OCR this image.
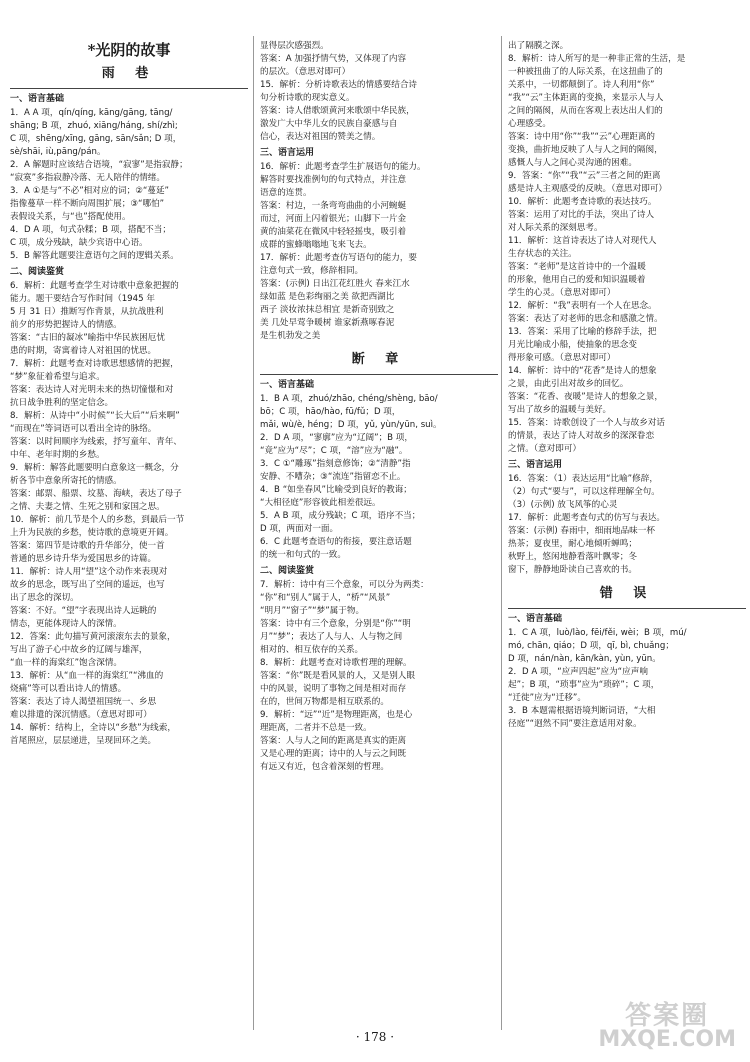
*光阴的故事
雨 巷
一、语言基础
1．A A 项，qín/qíng, kāng/gāng, tāng/
shāng; B 项，zhuó, xiāng/háng, shí/zhì;
C 项，shēng/xīng, gāng, sān/sǎn; D 项，
sè/shāi, iù,pāng/pán。
2．A 解题时应该结合语境，“寂寥”是指寂静；
“寂寞”多指寂静冷落、无人陪伴的情绪。
3．A ①是与“不必”相对应的词；②“蔓延”
指像蔓草一样不断向周围扩展；③“哪怕”
表假设关系，与“也”搭配使用。
4．D A 项，句式杂糅；B 项，搭配不当；
C 项，成分残缺，缺少宾语中心语。
5．B 解答此题要注意语句之间的逻辑关系。
二、阅读鉴赏
6．解析：此题考查学生对诗歌中意象把握的
能力。题干要结合写作时间（1945 年
5 月 31 日）推断写作背景，从抗战胜利
前夕的形势把握诗人的情感。
答案：“古旧的凝冰”喻指中华民族困厄忧
患的时期，寄寓着诗人对祖国的忧思。
7．解析：此题考查对诗歌思想感情的把握，
“梦”象征着希望与追求。
答案：表达诗人对光明未来的热切憧憬和对
抗日战争胜利的坚定信念。
8．解析：从诗中“小时候”“长大后”“后来啊”
“而现在”等词语可以看出全诗的脉络。
答案：以时间顺序为线索，抒写童年、青年、
中年、老年时期的乡愁。
9．解析：解答此题要明白意象这一概念，分
析各节中意象所寄托的情感。
答案：邮票、船票、坟墓、海峡，表达了母子
之情、夫妻之情、生死之别和家国之思。
10．解析：前几节是个人的乡愁，到最后一节
上升为民族的乡愁，使诗歌的意境更开阔。
答案：第四节是诗歌的升华部分，使一首
普通的思乡诗升华为爱国思乡的诗篇。
11．解析：诗人用“望”这个动作来表现对
故乡的思念，既写出了空间的遥远，也写
出了思念的深切。
答案：不好。“望”字表现出诗人远眺的
情态，更能体现诗人的深情。
12．答案：此句描写黄河滚滚东去的景象，
写出了游子心中故乡的辽阔与雄浑，
“血一样的海棠红”饱含深情。
13．解析：从“血一样的海棠红”“沸血的
烧痛”等可以看出诗人的情感。
答案：表达了诗人渴望祖国统一、乡思
难以排遣的深沉情感。（意思对即可）
14．解析：结构上，全诗以“乡愁”为线索，
首尾照应，层层递进，呈现回环之美。
显得层次感强烈。
答案：A 加强抒情气势，又体现了内容
的层次。（意思对即可）
15．解析：分析诗歌表达的情感要结合诗
句分析诗歌的现实意义。
答案：诗人借歌颂黄河来歌颂中华民族，
激发广大中华儿女的民族自豪感与自
信心，表达对祖国的赞美之情。
三、语言运用
16．解析：此题考查学生扩展语句的能力。
解答时要找准例句的句式特点，并注意
语意的连贯。
答案：村边，一条弯弯曲曲的小河蜿蜒
而过，河面上闪着银光；山脚下一片金
黄的油菜花在微风中轻轻摇曳，吸引着
成群的蜜蜂嗡嗡地飞来飞去。
17．解析：此题考查仿写语句的能力，要
注意句式一致，修辞相同。
答案：(示例) 日出江花红胜火 春来江水
绿如蓝 是色彩绚丽之美 欲把西湖比
西子 淡妆浓抹总相宜 是新奇别致之
美 几处早莺争暖树 谁家新燕啄春泥
是生机勃发之美
断 章
一、语言基础
1．B A 项，zhuó/zhāo, chéng/shèng, bāo/
bō；C 项，hāo/hào, fū/fǔ；D 项，
mǎi, wù/è, héng；D 项，yǔ, yùn/yūn, suì。
2．D A 项，“寥廓”应为“辽阔”；B 项，
“竟”应为“尽”；C 项，“溶”应为“融”。
3．C ①“雕琢”指刻意修饰；②“清静”指
安静、不嘈杂；③“流连”指留恋不止。
4．B “如坐春风”比喻受到良好的教诲；
“大相径庭”形容彼此相差很远。
5．A B 项，成分残缺；C 项，语序不当；
D 项，两面对一面。
6．C 此题考查语句的衔接，要注意话题
的统一和句式的一致。
二、阅读鉴赏
7．解析：诗中有三个意象，可以分为两类：
“你”和“别人”属于人，“桥”“风景”
“明月”“窗子”“梦”属于物。
答案：诗中有三个意象，分别是“你”“明
月”“梦”；表达了人与人、人与物之间
相对的、相互依存的关系。
8．解析：此题考查对诗歌哲理的理解。
答案：“你”既是看风景的人，又是别人眼
中的风景，说明了事物之间是相对而存
在的，世间万物都是相互联系的。
9．解析：“远”“近”是物理距离，也是心
理距离，二者并不总是一致。
答案：人与人之间的距离是真实的距离
又是心理的距离；诗中的人与云之间既
有远又有近，包含着深刻的哲理。
出了隔膜之深。
8．解析：诗人所写的是一种非正常的生活，是
一种被扭曲了的人际关系，在这扭曲了的
关系中，一切都颠倒了。诗人利用“你”
“我”“云”主体距离的变换，来显示人与人
之间的隔阂，从而在客观上表达出人们的
心理感受。
答案：诗中用“你”“我”“云”心理距离的
变换，曲折地反映了人与人之间的隔阂，
感慨人与人之间心灵沟通的困难。
9．答案：“你”“我”“云”三者之间的距离
感是诗人主观感受的反映。（意思对即可）
10．解析：此题考查诗歌的表达技巧。
答案：运用了对比的手法，突出了诗人
对人际关系的深刻思考。
11．解析：这首诗表达了诗人对现代人
生存状态的关注。
答案：“老师”是这首诗中的一个温暖
的形象，他用自己的爱和知识温暖着
学生的心灵。（意思对即可）
12．解析：“我”表明有一个人在思念。
答案：表达了对老师的思念和感激之情。
13．答案：采用了比喻的修辞手法，把
月光比喻成小船，使抽象的思念变
得形象可感。（意思对即可）
14．解析：诗中的“花香”是诗人的想象
之景，由此引出对故乡的回忆。
答案：“花香、夜暖”是诗人的想象之景，
写出了故乡的温暖与美好。
15．答案：诗歌创设了一个人与故乡对话
的情景，表达了诗人对故乡的深深眷恋
之情。（意对即可）
三、语言运用
16．答案：（1）表达运用“比喻”修辞，
（2）句式“要与”，可以这样理解全句。
（3）(示例) 放飞风筝的心灵
17．解析：此题考查句式的仿写与表达。
答案：(示例) 春雨中，细雨地品味一杯
热茶；夏夜里，耐心地倾听蝉鸣；
秋野上，悠闲地静看落叶飘零；冬
窗下，静静地卧读自己喜欢的书。
错 误
一、语言基础
1．C A 项，luò/lào, fēi/fěi, wèi；B 项，mú/
mó, chān, qiáo；D 项，qī, bì, chuǎng；
D 项，nán/nàn, kān/kàn, yùn, yūn。
2．D A 项，“应声四起”应为“应声响
起”；B 项，“琐事”应为“琐碎”；C 项，
“迁徙”应为“迁移”。
3．B 本题需根据语境判断词语，“大相
径庭”“迥然不同”要注意适用对象。
· 178 ·
答案圈
MXQE.COM
